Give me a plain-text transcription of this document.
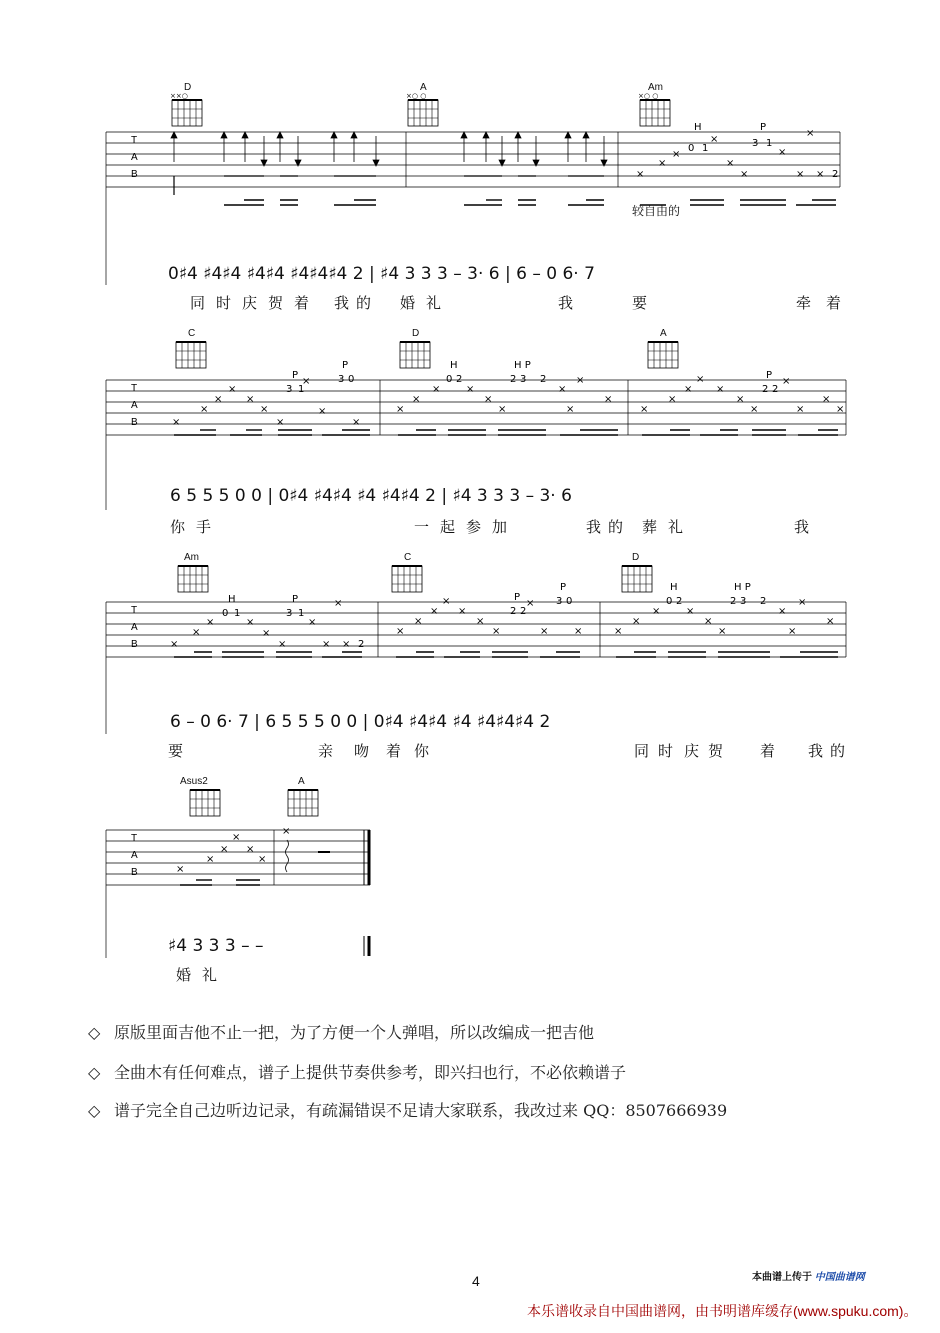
××○	×○ ○	×○ ○
×
×
×
0 1
H
×
×
×
3 1
P
×
×
× × 2
T
A
B
D	A	Am
较自由的
0♯4 ♯4♯4 ♯4♯4 ♯4♯4♯4 2 | ♯4 3 3 3 – 3· 6 | 6 – 0 6· 7
同 时 庆 贺 着 我 的 婚 礼	我	要	牵 着
×
×
×
×
×
×
×
3 1
P
×
×
3 0
P
×
×
×
×
0 2
H
×
×
×
2 3 2
H P
×
×
×
×
×
×
×
×
×
×
×
2 2
P
×
×
×
×
T
A
B
C	D	A
6 5 5 5 0 0 | 0♯4 ♯4♯4 ♯4 ♯4♯4 2 | ♯4 3 3 3 – 3· 6
你 手	一 起 参 加	我 的 葬 礼	我
×
×
×
0 1
H
×
×
×
3 1
P
×
×
× × 2
×
×
×
×
×
×
×
2 2
P
×
×
3 0
P
×	×
×
×
0 2
H
×
×
×
2 3 2
H P
×
×
×
×
T
A
B
Am	C	D
6 – 0 6· 7 | 6 5 5 5 0 0 | 0♯4 ♯4♯4 ♯4 ♯4♯4♯4 2
要	亲 吻 着 你	同 时 庆 贺 着 我 的
×
×
×
×
×
×
×
T
A
B
Asus2	A
♯4 3 3 3 – –
婚 礼
◇ 原版里面吉他不止一把，为了方便一个人弹唱，所以改编成一把吉他
◇ 全曲木有任何难点，谱子上提供节奏供参考，即兴扫也行，不必依赖谱子
◇ 谱子完全自己边听边记录，有疏漏错误不足请大家联系，我改过来 QQ：8507666939
4	本曲谱上传于 中国曲谱网
本乐谱收录自中国曲谱网，由书明谱库缓存(www.spuku.com)。
